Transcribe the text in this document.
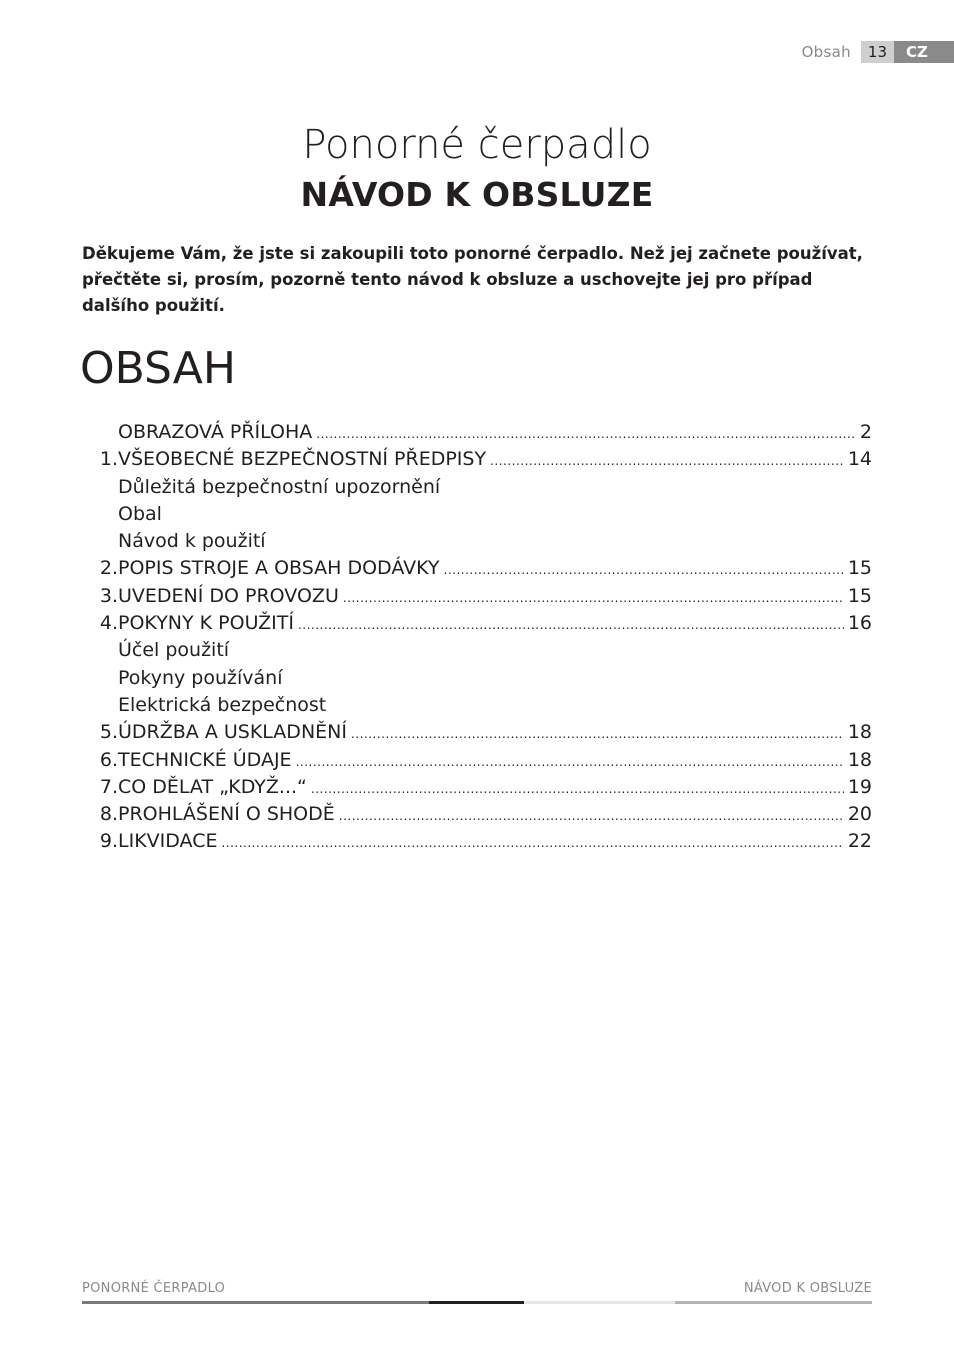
Obsah	13	CZ
Ponorné čerpadlo
NÁVOD K OBSLUZE
Děkujeme Vám, že jste si zakoupili toto ponorné čerpadlo. Než jej začnete používat, přečtěte si, prosím, pozorně tento návod k obsluze a uschovejte jej pro případ dalšího použití.
OBSAH
OBRAZOVÁ PŘÍLOHA .....	2
1. VŠEOBECNÉ BEZPEČNOSTNÍ PŘEDPISY .....	14
Důležitá bezpečnostní upozornění
Obal
Návod k použití
2. POPIS STROJE A OBSAH DODÁVKY .....	15
3. UVEDENÍ DO PROVOZU .....	15
4. POKYNY K POUŽITÍ .....	16
Účel použití
Pokyny používání
Elektrická bezpečnost
5. ÚDRŽBA A USKLADNĚNÍ .....	18
6. TECHNICKÉ ÚDAJE .....	18
7. CO DĚLAT „KDYŽ...“ .....	19
8. PROHLÁŠENÍ O SHODĚ .....	20
9. LIKVIDACE .....	22
PONORNÉ ČERPADLO	NÁVOD K OBSLUZE
